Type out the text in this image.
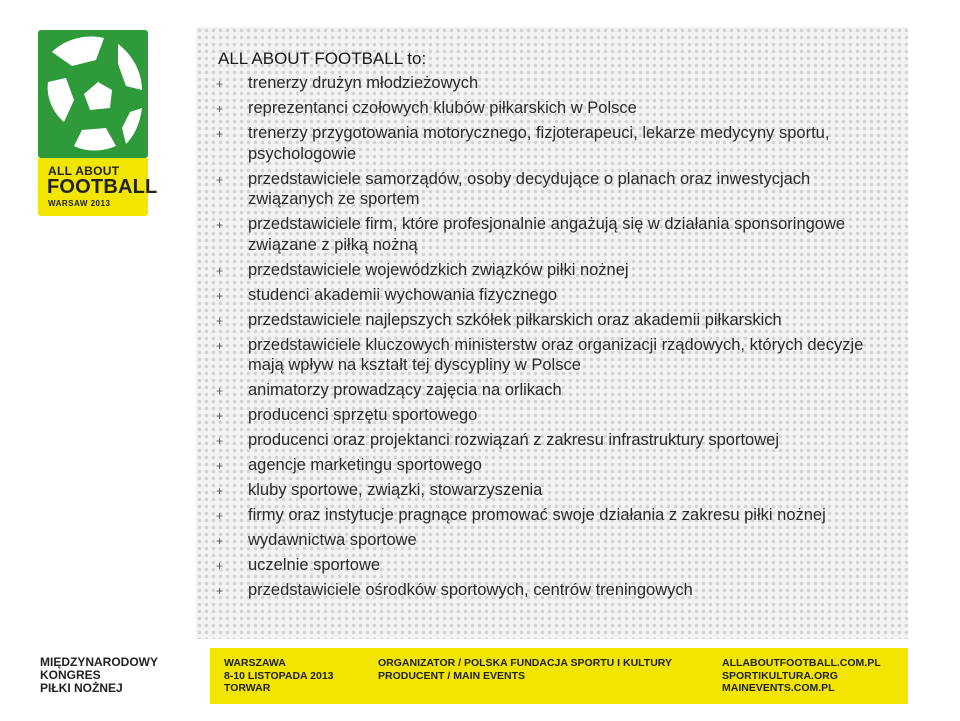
ALL ABOUT
FOOTBALL
WARSAW 2013
ALL ABOUT FOOTBALL to:
+ trenerzy drużyn młodzieżowych
+ reprezentanci czołowych klubów piłkarskich w Polsce
+ trenerzy przygotowania motorycznego, fizjoterapeuci, lekarze medycyny sportu, psychologowie
+ przedstawiciele samorządów, osoby decydujące o planach oraz inwestycjach związanych ze sportem
+ przedstawiciele firm, które profesjonalnie angażują się w działania sponsoringowe związane z piłką nożną
+ przedstawiciele wojewódzkich związków piłki nożnej
+ studenci akademii wychowania fizycznego
+ przedstawiciele najlepszych szkółek piłkarskich oraz akademii piłkarskich
+ przedstawiciele kluczowych ministerstw oraz organizacji rządowych, których decyzje mają wpływ na kształt tej dyscypliny w Polsce
+ animatorzy prowadzący zajęcia na orlikach
+ producenci sprzętu sportowego
+ producenci oraz projektanci rozwiązań z zakresu infrastruktury sportowej
+ agencje marketingu sportowego
+ kluby sportowe, związki, stowarzyszenia
+ firmy oraz instytucje pragnące promować swoje działania z zakresu piłki nożnej
+ wydawnictwa sportowe
+ uczelnie sportowe
+ przedstawiciele ośrodków sportowych, centrów treningowych
MIĘDZYNARODOWY
KONGRES
PIŁKI NOŻNEJ
WARSZAWA
8-10 LISTOPADA 2013
TORWAR
ORGANIZATOR / POLSKA FUNDACJA SPORTU I KULTURY
PRODUCENT / MAIN EVENTS
ALLABOUTFOOTBALL.COM.PL
SPORTIKULTURA.ORG
MAINEVENTS.COM.PL
